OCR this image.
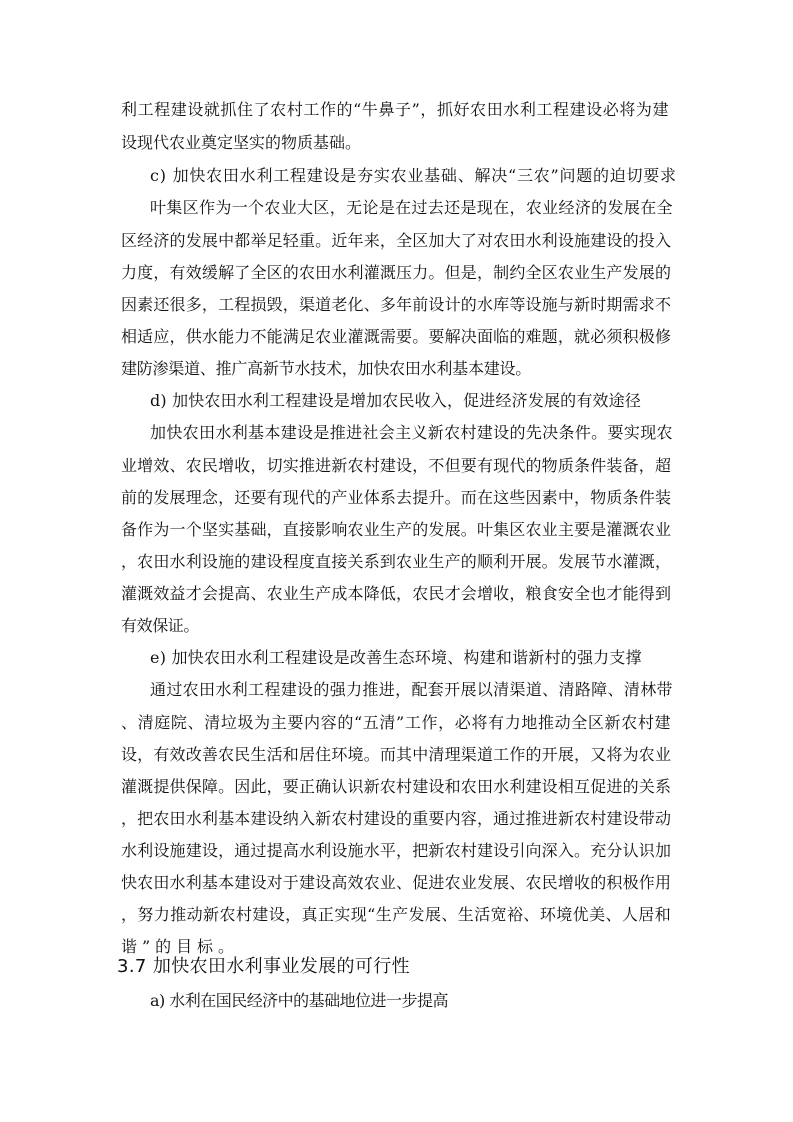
利工程建设就抓住了农村工作的“牛鼻子”，抓好农田水利工程建设必将为建
设现代农业奠定坚实的物质基础。
c) 加快农田水利工程建设是夯实农业基础、解决“三农”问题的迫切要求
叶集区作为一个农业大区，无论是在过去还是现在，农业经济的发展在全
区经济的发展中都举足轻重。近年来，全区加大了对农田水利设施建设的投入
力度，有效缓解了全区的农田水利灌溉压力。但是，制约全区农业生产发展的
因素还很多，工程损毁，渠道老化、多年前设计的水库等设施与新时期需求不
相适应，供水能力不能满足农业灌溉需要。要解决面临的难题，就必须积极修
建防渗渠道、推广高新节水技术，加快农田水利基本建设。
d) 加快农田水利工程建设是增加农民收入，促进经济发展的有效途径
加快农田水利基本建设是推进社会主义新农村建设的先决条件。要实现农
业增效、农民增收，切实推进新农村建设，不但要有现代的物质条件装备，超
前的发展理念，还要有现代的产业体系去提升。而在这些因素中，物质条件装
备作为一个坚实基础，直接影响农业生产的发展。叶集区农业主要是灌溉农业
，农田水利设施的建设程度直接关系到农业生产的顺利开展。发展节水灌溉，
灌溉效益才会提高、农业生产成本降低，农民才会增收，粮食安全也才能得到
有效保证。
e) 加快农田水利工程建设是改善生态环境、构建和谐新村的强力支撑
通过农田水利工程建设的强力推进，配套开展以清渠道、清路障、清林带
、清庭院、清垃圾为主要内容的“五清”工作，必将有力地推动全区新农村建
设，有效改善农民生活和居住环境。而其中清理渠道工作的开展，又将为农业
灌溉提供保障。因此，要正确认识新农村建设和农田水利建设相互促进的关系
，把农田水利基本建设纳入新农村建设的重要内容，通过推进新农村建设带动
水利设施建设，通过提高水利设施水平，把新农村建设引向深入。充分认识加
快农田水利基本建设对于建设高效农业、促进农业发展、农民增收的积极作用
，努力推动新农村建设，真正实现“生产发展、生活宽裕、环境优美、人居和
谐”的目标。
3.7 加快农田水利事业发展的可行性
a) 水利在国民经济中的基础地位进一步提高
